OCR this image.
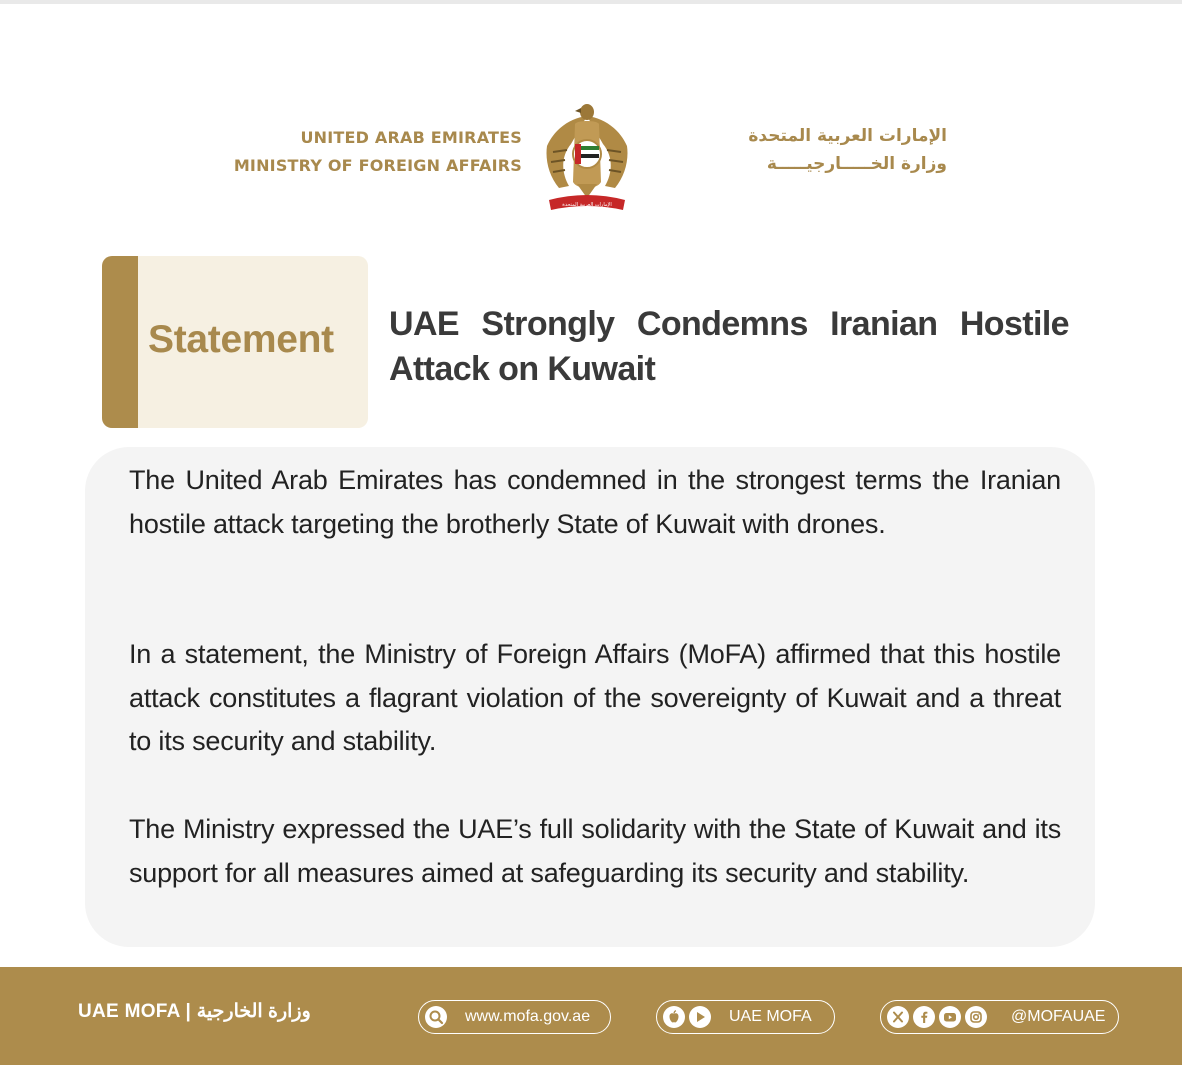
UNITED ARAB EMIRATES
MINISTRY OF FOREIGN AFFAIRS
الإمارات العربية المتحدة
الإمارات العربية المتحدة
وزارة الخـــــارجيـــــة
Statement UAE Strongly Condemns Iranian Hostile Attack on Kuwait
The United Arab Emirates has condemned in the strongest terms the Iranian hostile attack targeting the brotherly State of Kuwait with drones.
In a statement, the Ministry of Foreign Affairs (MoFA) affirmed that this hostile attack constitutes a flagrant violation of the sovereignty of Kuwait and a threat to its security and stability.
The Ministry expressed the UAE’s full solidarity with the State of Kuwait and its support for all measures aimed at safeguarding its security and stability.
UAE MOFA | وزارة الخارجية	www.mofa.gov.ae	UAE MOFA	@MOFAUAE
